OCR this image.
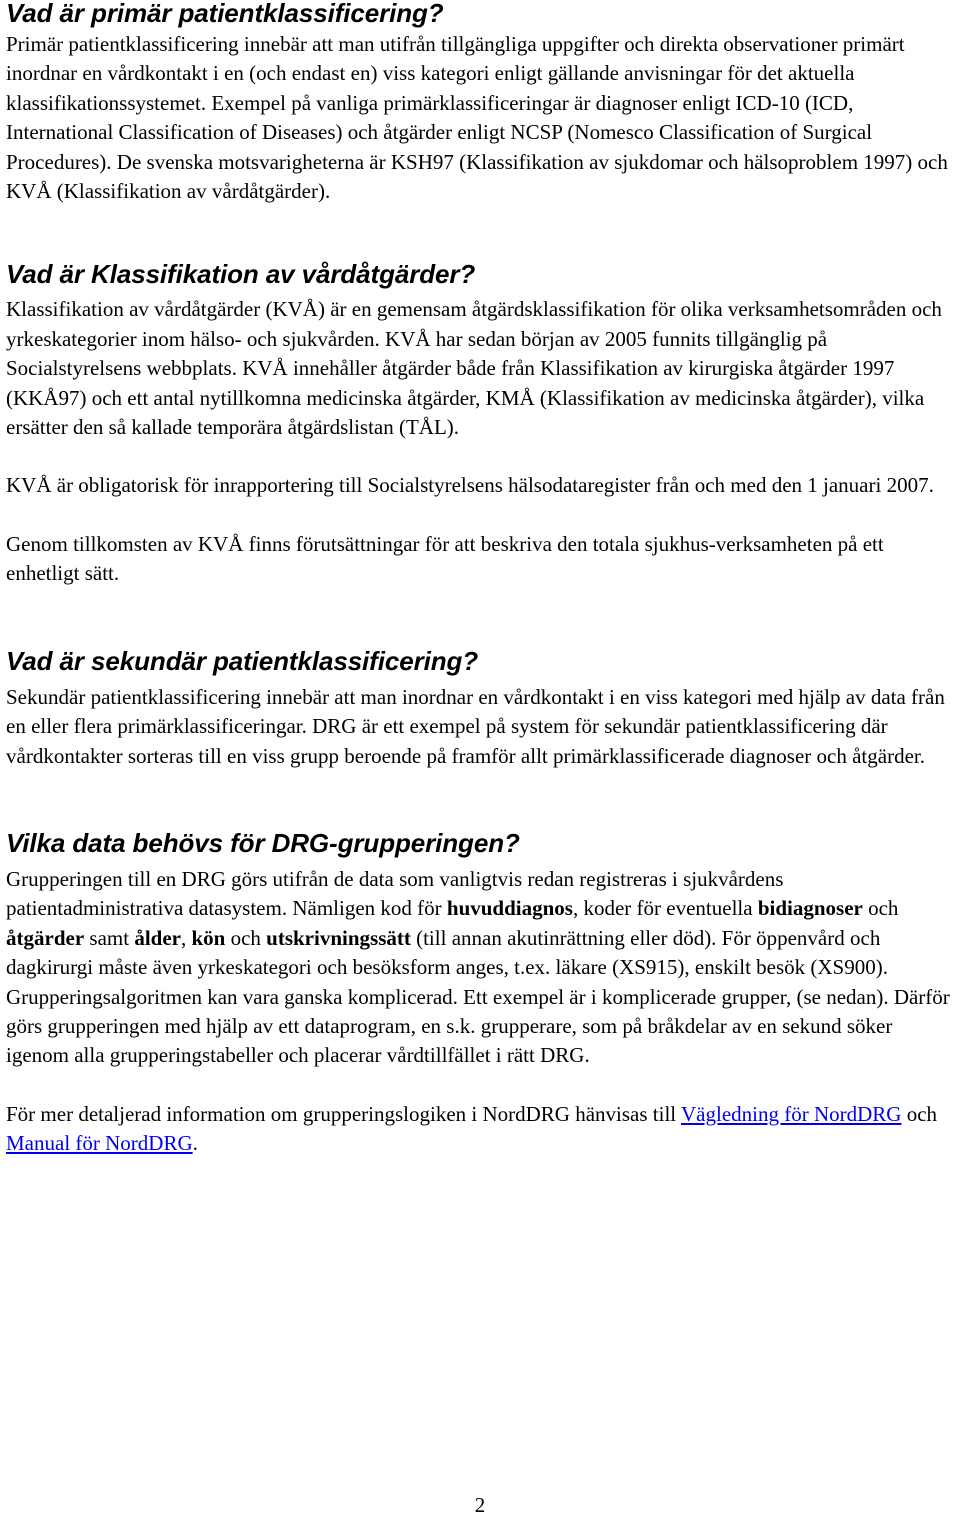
Vad är primär patientklassificering?

Primär patientklassificering innebär att man utifrån tillgängliga uppgifter och direkta observationer primärt inordnar en vårdkontakt i en (och endast en) viss kategori enligt gällande anvisningar för det aktuella klassifikationssystemet. Exempel på vanliga primärklassificeringar är diagnoser enligt ICD-10 (ICD, International Classification of Diseases) och åtgärder enligt NCSP (Nomesco Classification of Surgical Procedures). De svenska motsvarigheterna är KSH97 (Klassifikation av sjukdomar och hälsoproblem 1997) och KVÅ (Klassifikation av vårdåtgärder).

Vad är Klassifikation av vårdåtgärder?

Klassifikation av vårdåtgärder (KVÅ) är en gemensam åtgärdsklassifikation för olika verksamhetsområden och yrkeskategorier inom hälso- och sjukvården. KVÅ har sedan början av 2005 funnits tillgänglig på Socialstyrelsens webbplats. KVÅ innehåller åtgärder både från Klassifikation av kirurgiska åtgärder 1997 (KKÅ97) och ett antal nytillkomna medicinska åtgärder, KMÅ (Klassifikation av medicinska åtgärder), vilka ersätter den så kallade temporära åtgärdslistan (TÅL).

KVÅ är obligatorisk för inrapportering till Socialstyrelsens hälsodataregister från och med den 1 januari 2007.

Genom tillkomsten av KVÅ finns förutsättningar för att beskriva den totala sjukhus-verksamheten på ett enhetligt sätt.

Vad är sekundär patientklassificering?

Sekundär patientklassificering innebär att man inordnar en vårdkontakt i en viss kategori med hjälp av data från en eller flera primärklassificeringar. DRG är ett exempel på system för sekundär patientklassificering där vårdkontakter sorteras till en viss grupp beroende på framför allt primärklassificerade diagnoser och åtgärder.

Vilka data behövs för DRG-grupperingen?

Grupperingen till en DRG görs utifrån de data som vanligtvis redan registreras i sjukvårdens patientadministrativa datasystem. Nämligen kod för huvuddiagnos, koder för eventuella bidiagnoser och åtgärder samt ålder, kön och utskrivningssätt (till annan akutinrättning eller död). För öppenvård och dagkirurgi måste även yrkeskategori och besöksform anges, t.ex. läkare (XS915), enskilt besök (XS900). Grupperingsalgoritmen kan vara ganska komplicerad. Ett exempel är i komplicerade grupper, (se nedan). Därför görs grupperingen med hjälp av ett dataprogram, en s.k. grupperare, som på bråkdelar av en sekund söker igenom alla grupperingstabeller och placerar vårdtillfället i rätt DRG.

För mer detaljerad information om grupperingslogiken i NordDRG hänvisas till Vägledning för NordDRG och Manual för NordDRG.

2
